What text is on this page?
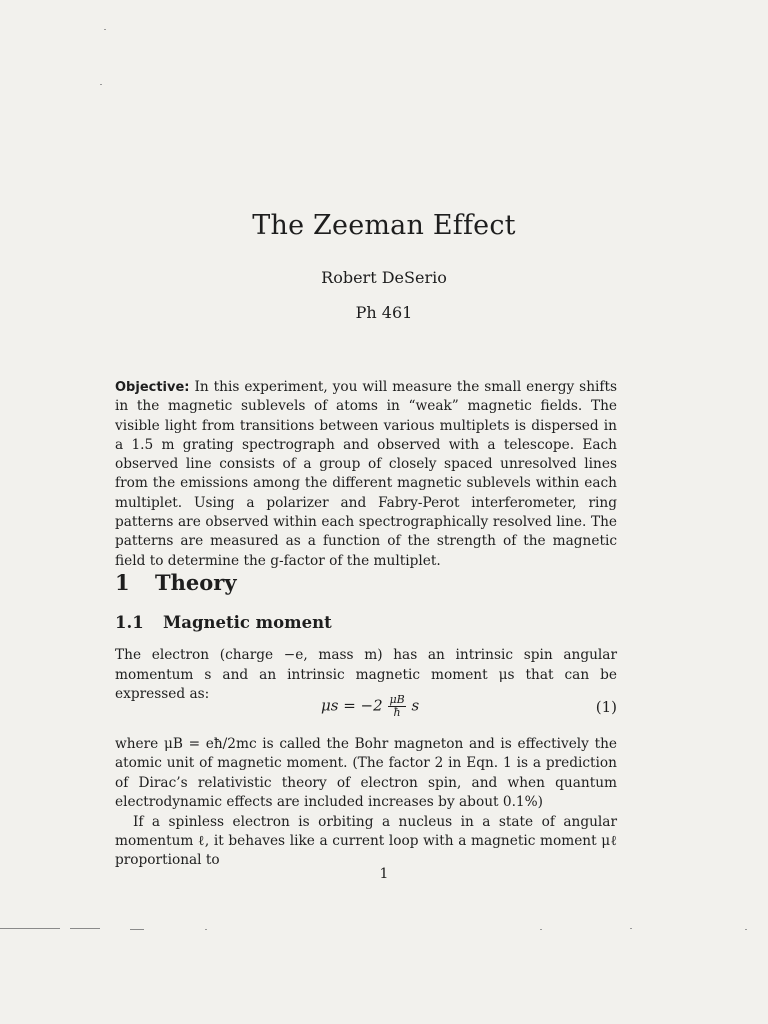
The Zeeman Effect
Robert DeSerio
Ph 461
Objective: In this experiment, you will measure the small energy shifts in the magnetic sublevels of atoms in “weak” magnetic fields. The visible light from transitions between various multiplets is dispersed in a 1.5 m grating spectrograph and observed with a telescope. Each observed line consists of a group of closely spaced unresolved lines from the emissions among the different magnetic sublevels within each multiplet. Using a polarizer and Fabry-Perot interferometer, ring patterns are observed within each spectrographically resolved line. The patterns are measured as a function of the strength of the magnetic field to determine the g-factor of the multiplet.
1 Theory
1.1 Magnetic moment
The electron (charge −e, mass m) has an intrinsic spin angular momentum s and an intrinsic magnetic moment μs that can be expressed as:
$\mu s = -2 \frac{\mu B}{ħ}$ s	(1)

where μB = eħ/2mc is called the Bohr magneton and is effectively the atomic unit of magnetic moment. (The factor 2 in Eqn. 1 is a prediction of Dirac’s relativistic theory of electron spin, and when quantum electrodynamic effects are included increases by about 0.1%)

If a spinless electron is orbiting a nucleus in a state of angular momentum ℓ, it behaves like a current loop with a magnetic moment μℓ proportional to

1
